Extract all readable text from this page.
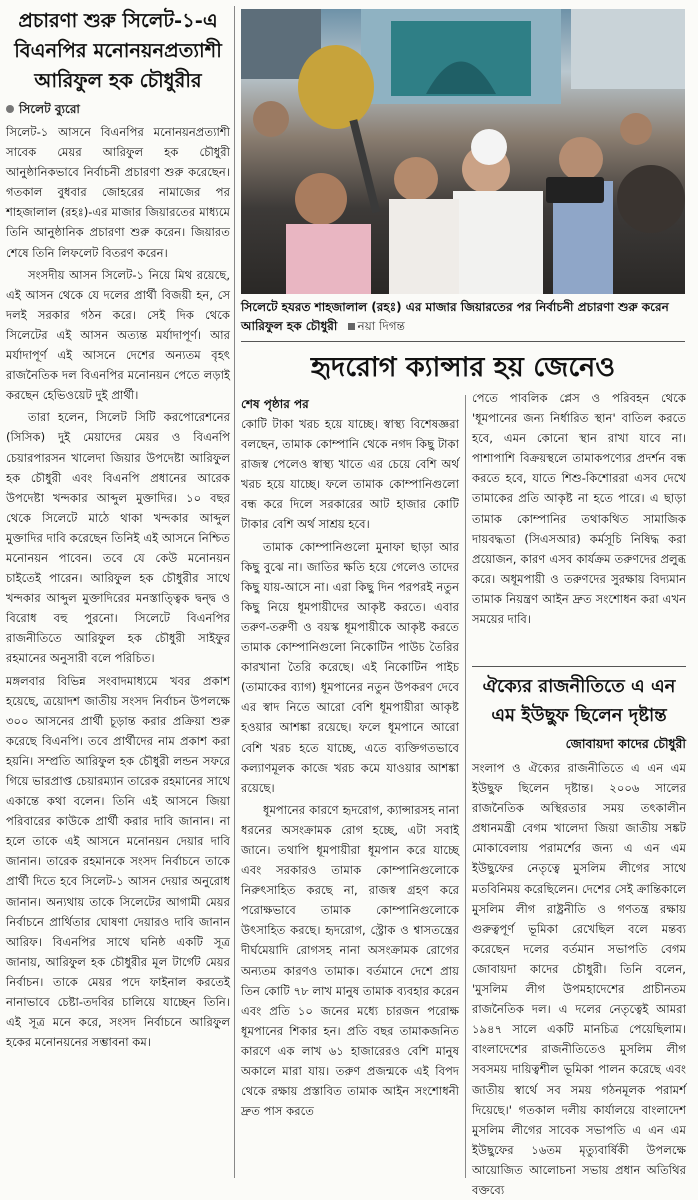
প্রচারণা শুরু সিলেট-১-এ বিএনপির মনোনয়নপ্রত্যাশী আরিফুল হক চৌধুরীর
সিলেট ব্যুরো

সিলেট-১ আসনে বিএনপির মনোনয়নপ্রত্যাশী সাবেক মেয়র আরিফুল হক চৌধুরী আনুষ্ঠানিকভাবে নির্বাচনী প্রচারণা শুরু করেছেন। গতকাল বুধবার জোহরের নামাজের পর শাহজালাল (রহঃ)-এর মাজার জিয়ারতের মাধ্যমে তিনি আনুষ্ঠানিক প্রচারণা শুরু করেন। জিয়ারত শেষে তিনি লিফলেট বিতরণ করেন।

সংসদীয় আসন সিলেট-১ নিয়ে মিথ রয়েছে, এই আসন থেকে যে দলের প্রার্থী বিজয়ী হন, সে দলই সরকার গঠন করে। সেই দিক থেকে সিলেটের এই আসন অত্যন্ত মর্যাদাপূর্ণ। আর মর্যাদাপূর্ণ এই আসনে দেশের অন্যতম বৃহৎ রাজনৈতিক দল বিএনপির মনোনয়ন পেতে লড়াই করছেন হেভিওয়েট দুই প্রার্থী।

তারা হলেন, সিলেট সিটি করপোরেশনের (সিসিক) দুই মেয়াদের মেয়র ও বিএনপি চেয়ারপারসন খালেদা জিয়ার উপদেষ্টা আরিফুল হক চৌধুরী এবং বিএনপি প্রধানের আরেক উপদেষ্টা খন্দকার আব্দুল মুক্তাদির। ১০ বছর থেকে সিলেটে মাঠে থাকা খন্দকার আব্দুল মুক্তাদির দাবি করেছেন তিনিই এই আসনে নিশ্চিত মনোনয়ন পাবেন। তবে যে কেউ মনোনয়ন চাইতেই পারেন। আরিফুল হক চৌধুরীর সাথে খন্দকার আব্দুল মুক্তাদিরের মনস্তাত্ত্বিক দ্বন্দ্ব ও বিরোধ বহু পুরনো। সিলেটে বিএনপির রাজনীতিতে আরিফুল হক চৌধুরী সাইফুর রহমানের অনুসারী বলে পরিচিত।

মঙ্গলবার বিভিন্ন সংবাদমাধ্যমে খবর প্রকাশ হয়েছে, ত্রয়োদশ জাতীয় সংসদ নির্বাচন উপলক্ষে ৩০০ আসনের প্রার্থী চূড়ান্ত করার প্রক্রিয়া শুরু করেছে বিএনপি। তবে প্রার্থীদের নাম প্রকাশ করা হয়নি। সম্প্রতি আরিফুল হক চৌধুরী লন্ডন সফরে গিয়ে ভারপ্রাপ্ত চেয়ারম্যান তারেক রহমানের সাথে একান্তে কথা বলেন। তিনি এই আসনে জিয়া পরিবারের কাউকে প্রার্থী করার দাবি জানান। না হলে তাকে এই আসনে মনোনয়ন দেয়ার দাবি জানান। তারেক রহমানকে সংসদ নির্বাচনে তাকে প্রার্থী দিতে হবে সিলেট-১ আসন দেয়ার অনুরোধ জানান। অন্যথায় তাকে সিলেটের আগামী মেয়র নির্বাচনে প্রার্থিতার ঘোষণা দেয়ারও দাবি জানান আরিফ। বিএনপির সাথে ঘনিষ্ঠ একটি সূত্র জানায়, আরিফুল হক চৌধুরীর মূল টার্গেট মেয়র নির্বাচন। তাকে মেয়র পদে ফাইনাল করতেই নানাভাবে চেষ্টা-তদবির চালিয়ে যাচ্ছেন তিনি। এই সূত্র মনে করে, সংসদ নির্বাচনে আরিফুল হকের মনোনয়নের সম্ভাবনা কম।

সিলেটে হযরত শাহজালাল (রহঃ) এর মাজার জিয়ারতের পর নির্বাচনী প্রচারণা শুরু করেন আরিফুল হক চৌধুরী নয়া দিগন্ত
হৃদরোগ ক্যান্সার হয় জেনেও
শেষ পৃষ্ঠার পর

কোটি টাকা খরচ হয়ে যাচ্ছে। স্বাস্থ্য বিশেষজ্ঞরা বলছেন, তামাক কোম্পানি থেকে নগদ কিছু টাকা রাজস্ব পেলেও স্বাস্থ্য খাতে এর চেয়ে বেশি অর্থ খরচ হয়ে যাচ্ছে। ফলে তামাক কোম্পানিগুলো বন্ধ করে দিলে সরকারের আট হাজার কোটি টাকার বেশি অর্থ সাশ্রয় হবে।

তামাক কোম্পানিগুলো মুনাফা ছাড়া আর কিছু বুঝে না। জাতির ক্ষতি হয়ে গেলেও তাদের কিছু যায়-আসে না। এরা কিছু দিন পরপরই নতুন কিছু নিয়ে ধূমপায়ীদের আকৃষ্ট করতে। এবার তরুণ-তরুণী ও বয়স্ক ধূমপায়ীকে আকৃষ্ট করতে তামাক কোম্পানিগুলো নিকোটিন পাউচ তৈরির কারখানা তৈরি করেছে। এই নিকোটিন পাইচ (তামাকের ব্যাগ) ধূমপানের নতুন উপকরণ দেবে এর স্বাদ নিতে আরো বেশি ধূমপায়ীরা আকৃষ্ট হওয়ার আশঙ্কা রয়েছে। ফলে ধূমপানে আরো বেশি খরচ হতে যাচ্ছে, এতে ব্যক্তিগতভাবে কল্যাণমূলক কাজে খরচ কমে যাওয়ার আশঙ্কা রয়েছে।

ধূমপানের কারণে হৃদরোগ, ক্যান্সারসহ নানা ধরনের অসংক্রামক রোগ হচ্ছে, এটা সবাই জানে। তথাপি ধূমপায়ীরা ধূমপান করে যাচ্ছে এবং সরকারও তামাক কোম্পানিগুলোকে নিরুৎসাহিত করছে না, রাজস্ব গ্রহণ করে পরোক্ষভাবে তামাক কোম্পানিগুলোকে উৎসাহিত করছে। হৃদরোগ, স্ট্রোক ও শ্বাসতন্ত্রের দীর্ঘমেয়াদি রোগসহ নানা অসংক্রামক রোগের অন্যতম কারণও তামাক। বর্তমানে দেশে প্রায় তিন কোটি ৭৮ লাখ মানুষ তামাক ব্যবহার করেন এবং প্রতি ১০ জনের মধ্যে চারজন পরোক্ষ ধূমপানের শিকার হন। প্রতি বছর তামাকজনিত কারণে এক লাখ ৬১ হাজারেরও বেশি মানুষ অকালে মারা যায়। তরুণ প্রজন্মকে এই বিপদ থেকে রক্ষায় প্রস্তাবিত তামাক আইন সংশোধনী দ্রুত পাস করতে

পেতে পাবলিক প্লেস ও পরিবহন থেকে 'ধূমপানের জন্য নির্ধারিত স্থান' বাতিল করতে হবে, এমন কোনো স্থান রাখা যাবে না। পাশাপাশি বিক্রয়স্থলে তামাকপণ্যের প্রদর্শন বন্ধ করতে হবে, যাতে শিশু-কিশোররা এসব দেখে তামাকের প্রতি আকৃষ্ট না হতে পারে। এ ছাড়া তামাক কোম্পানির তথাকথিত সামাজিক দায়বদ্ধতা (সিএসআর) কর্মসূচি নিষিদ্ধ করা প্রয়োজন, কারণ এসব কার্যক্রম তরুণদের প্রলুব্ধ করে। অধূমপায়ী ও তরুণদের সুরক্ষায় বিদ্যমান তামাক নিয়ন্ত্রণ আইন দ্রুত সংশোধন করা এখন সময়ের দাবি।

ঐক্যের রাজনীতিতে এ এন এম ইউছুফ ছিলেন দৃষ্টান্ত
জোবায়দা কাদের চৌধুরী

সংলাপ ও ঐক্যের রাজনীতিতে এ এন এম ইউছুফ ছিলেন দৃষ্টান্ত। ২০০৬ সালের রাজনৈতিক অস্থিরতার সময় তৎকালীন প্রধানমন্ত্রী বেগম খালেদা জিয়া জাতীয় সঙ্কট মোকাবেলায় পরামর্শের জন্য এ এন এম ইউছুফের নেতৃত্বে মুসলিম লীগের সাথে মতবিনিময় করেছিলেন। দেশের সেই ক্রান্তিকালে মুসলিম লীগ রাষ্ট্রনীতি ও গণতন্ত্র রক্ষায় গুরুত্বপূর্ণ ভূমিকা রেখেছিল বলে মন্তব্য করেছেন দলের বর্তমান সভাপতি বেগম জোবায়দা কাদের চৌধুরী। তিনি বলেন, 'মুসলিম লীগ উপমহাদেশের প্রাচীনতম রাজনৈতিক দল। এ দলের নেতৃত্বেই আমরা ১৯৪৭ সালে একটি মানচিত্র পেয়েছিলাম। বাংলাদেশের রাজনীতিতেও মুসলিম লীগ সবসময় দায়িত্বশীল ভূমিকা পালন করেছে এবং জাতীয় স্বার্থে সব সময় গঠনমূলক পরামর্শ দিয়েছে।' গতকাল দলীয় কার্যালয়ে বাংলাদেশ মুসলিম লীগের সাবেক সভাপতি এ এন এম ইউছুফের ১৬তম মৃত্যুবার্ষিকী উপলক্ষে আয়োজিত আলোচনা সভায় প্রধান অতিথির বক্তব্যে
